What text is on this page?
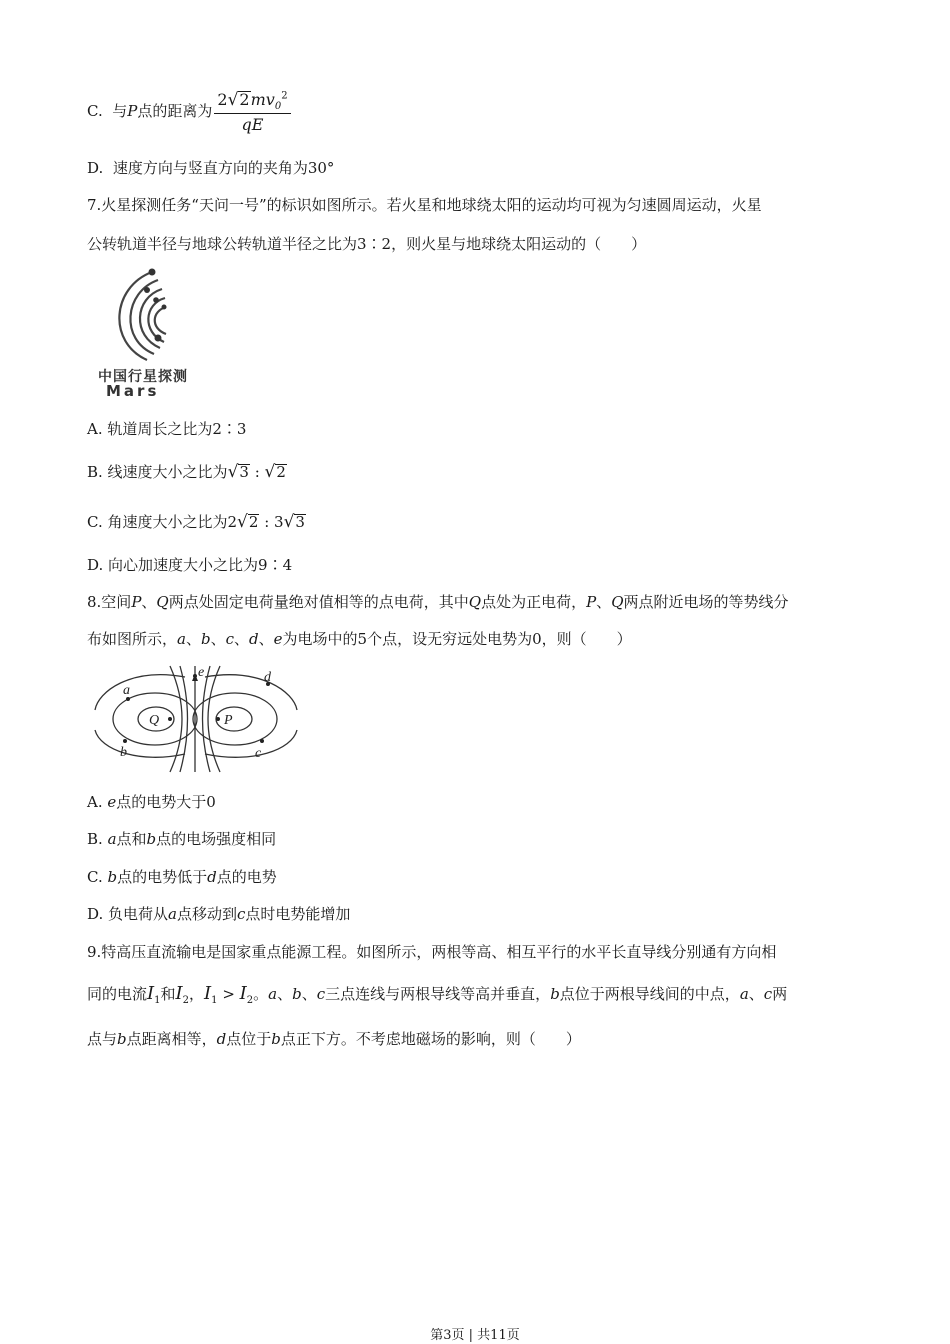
C. 与P点的距离为 $\frac{2√2mv_0^2}{qE}$
D. 速度方向与竖直方向的夹角为30°
7.火星探测任务“天问一号”的标识如图所示。若火星和地球绕太阳的运动均可视为匀速圆周运动，火星
公转轨道半径与地球公转轨道半径之比为3∶2，则火星与地球绕太阳运动的（　　）
中国行星探测
Mars
A. 轨道周长之比为2∶3
B. 线速度大小之比为√3 : √2
C. 角速度大小之比为2√2 : 3√3
D. 向心加速度大小之比为9∶4
8.空间P、Q两点处固定电荷量绝对值相等的点电荷，其中Q点处为正电荷，P、Q两点附近电场的等势线分
布如图所示，a、b、c、d、e为电场中的5个点，设无穷远处电势为0，则（　　）
a
b	c
d
e
Q	P
A. e点的电势大于0
B. a点和b点的电场强度相同
C. b点的电势低于d点的电势
D. 负电荷从a点移动到c点时电势能增加
9.特高压直流输电是国家重点能源工程。如图所示，两根等高、相互平行的水平长直导线分别通有方向相
同的电流$I_1$和$I_2$，$I_1 > I_2$。a、b、c三点连线与两根导线等高并垂直，b点位于两根导线间的中点，a、c两
点与b点距离相等，d点位于b点正下方。不考虑地磁场的影响，则（　　）
第3页 | 共11页
